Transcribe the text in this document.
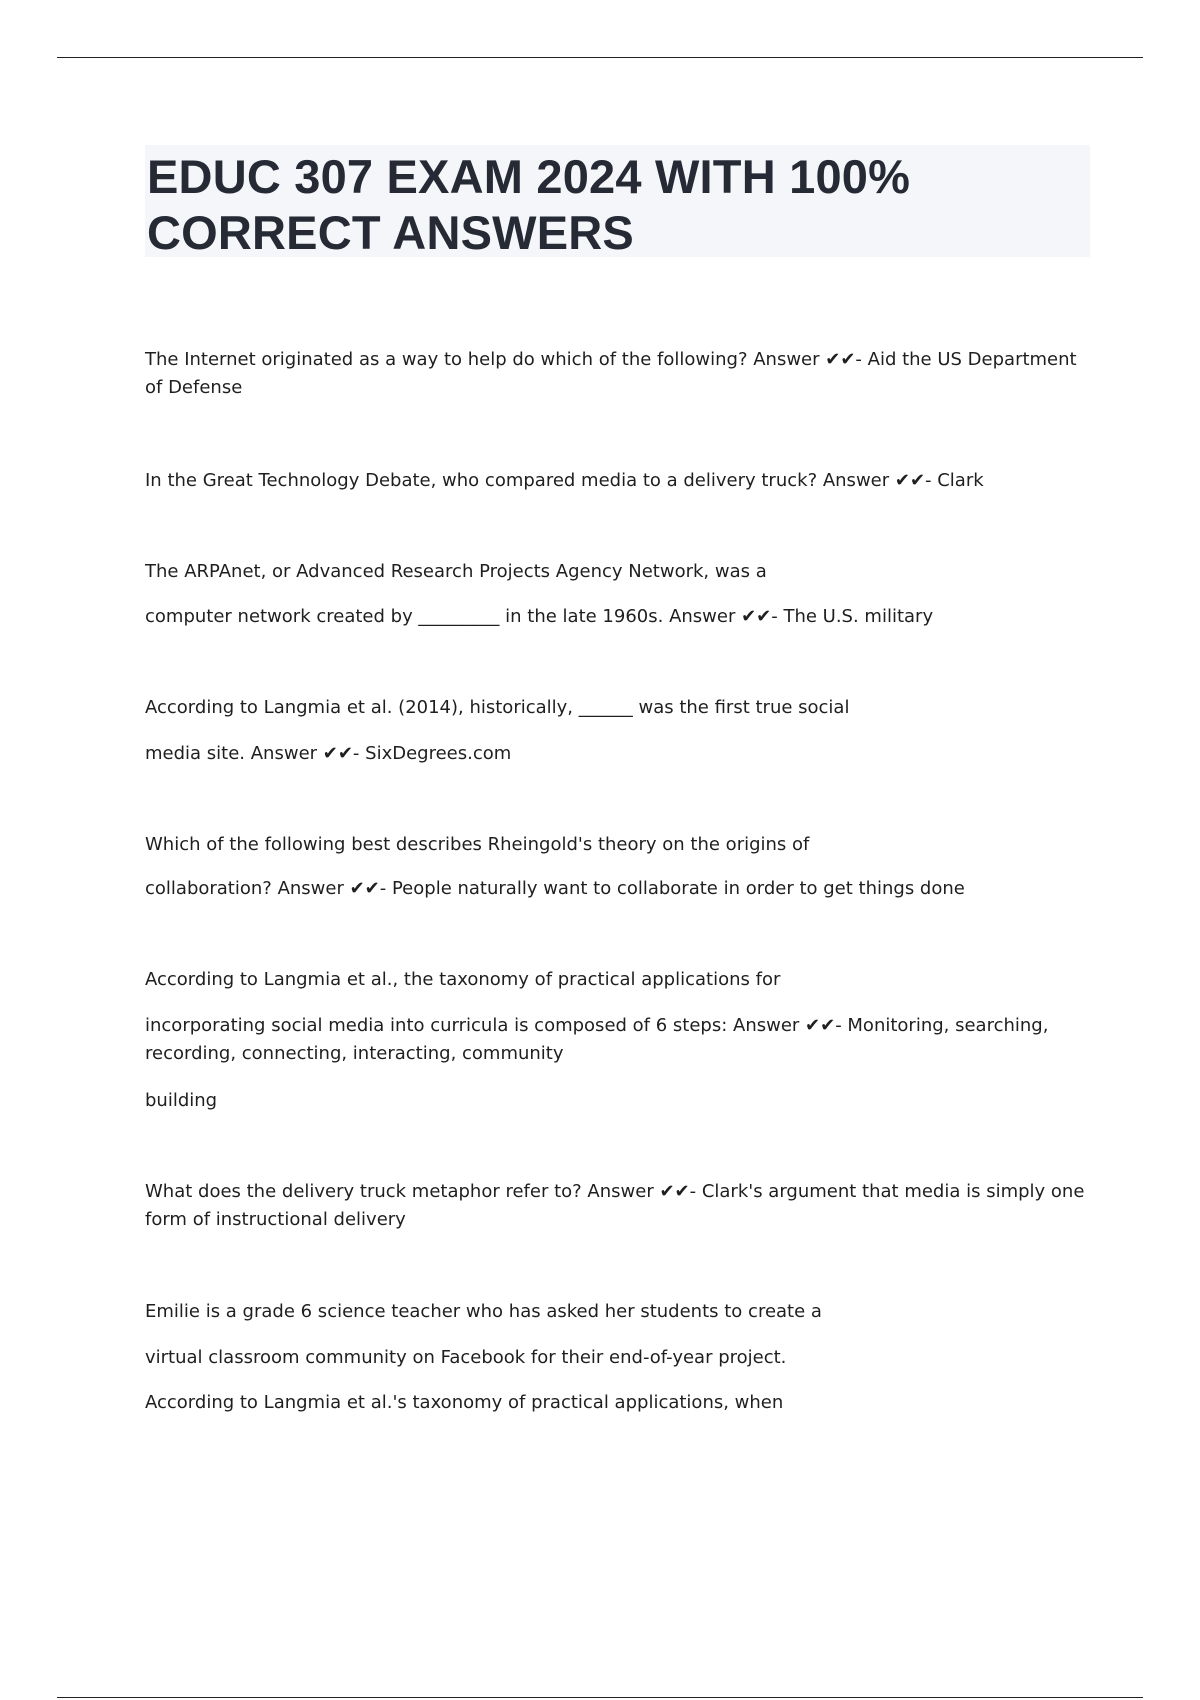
EDUC 307 EXAM 2024 WITH 100%
CORRECT ANSWERS
The Internet originated as a way to help do which of the following? Answer ✔✔- Aid the US Department of Defense
In the Great Technology Debate, who compared media to a delivery truck? Answer ✔✔- Clark
The ARPAnet, or Advanced Research Projects Agency Network, was a
computer network created by _________ in the late 1960s. Answer ✔✔- The U.S. military
According to Langmia et al. (2014), historically, ______ was the first true social
media site. Answer ✔✔- SixDegrees.com
Which of the following best describes Rheingold's theory on the origins of
collaboration? Answer ✔✔- People naturally want to collaborate in order to get things done
According to Langmia et al., the taxonomy of practical applications for
incorporating social media into curricula is composed of 6 steps: Answer ✔✔- Monitoring, searching, recording, connecting, interacting, community
building
What does the delivery truck metaphor refer to? Answer ✔✔- Clark's argument that media is simply one form of instructional delivery
Emilie is a grade 6 science teacher who has asked her students to create a
virtual classroom community on Facebook for their end-of-year project.
According to Langmia et al.'s taxonomy of practical applications, when
